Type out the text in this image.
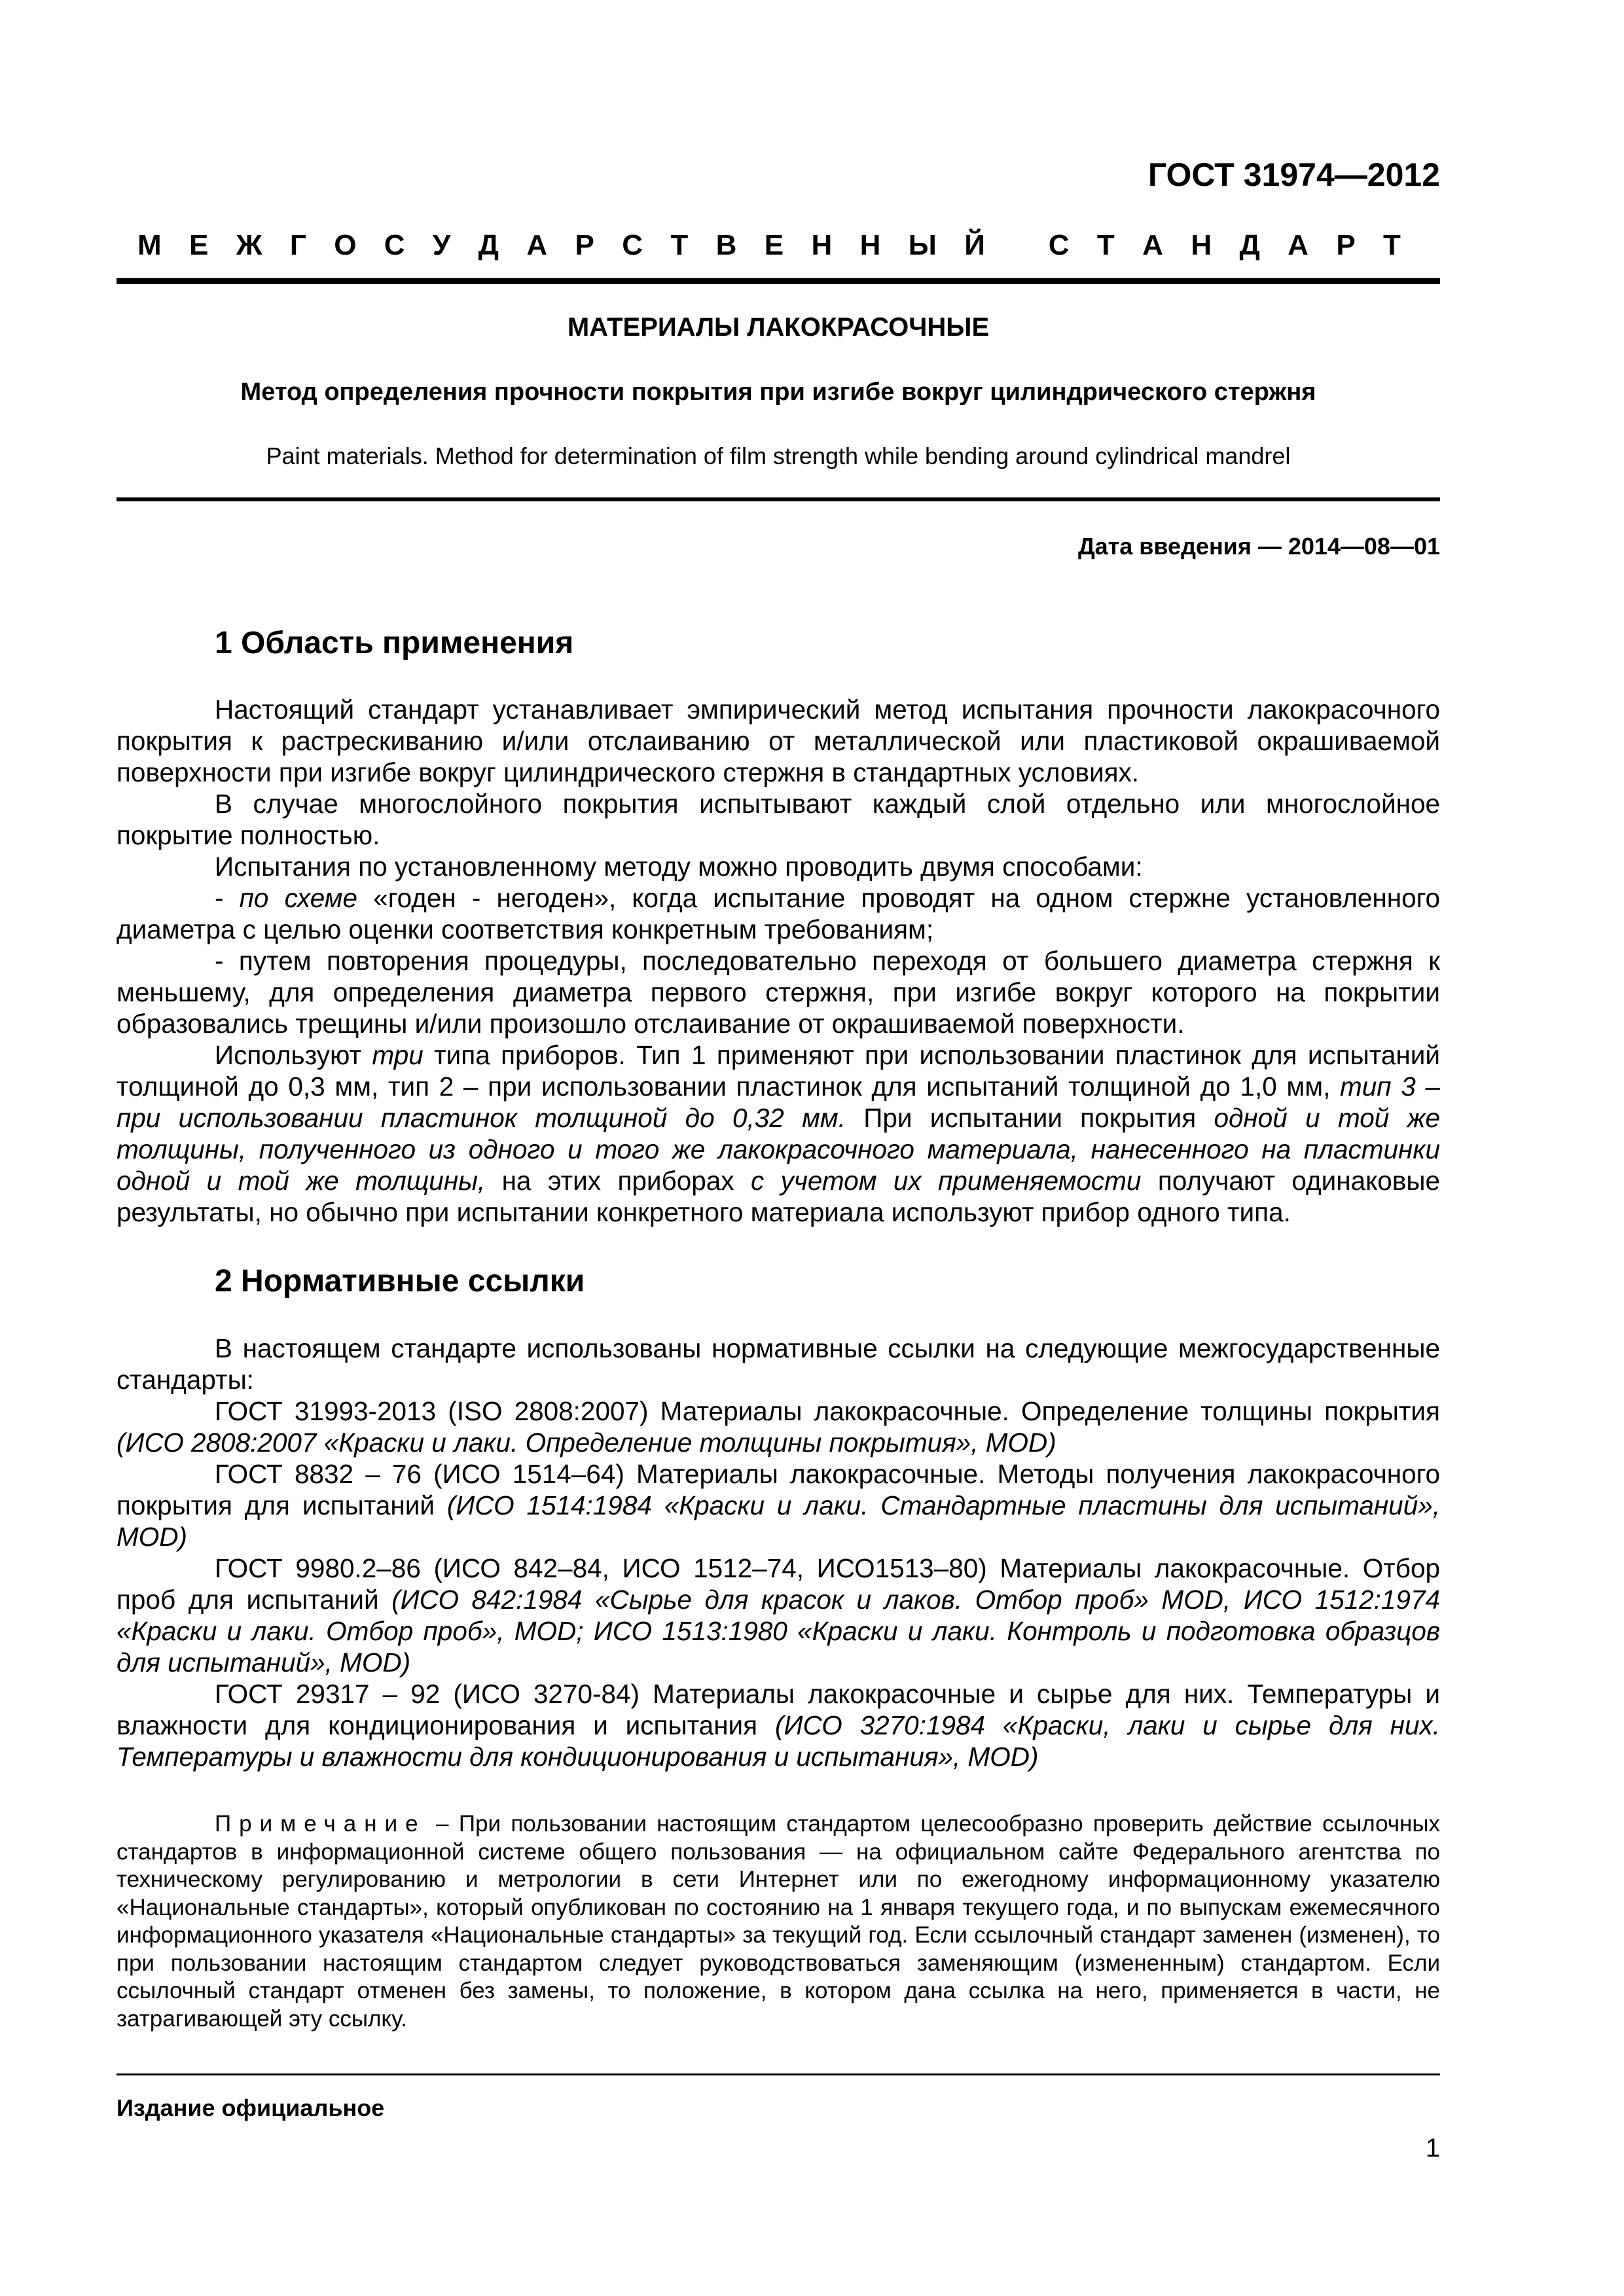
ГОСТ 31974—2012
М Е Ж Г О С У Д А Р С Т В Е Н Н Ы Й
С Т А Н Д А Р Т
МАТЕРИАЛЫ ЛАКОКРАСОЧНЫЕ
Метод определения прочности покрытия при изгибе вокруг цилиндрического стержня
Paint materials. Method for determination of film strength while bending around cylindrical mandrel
Дата введения — 2014—08—01
1 Область применения

Настоящий стандарт устанавливает эмпирический метод испытания прочности лакокрасочного покрытия к растрескиванию и/или отслаиванию от металлической или пластиковой окрашиваемой поверхности при изгибе вокруг цилиндрического стержня в стандартных условиях.

В случае многослойного покрытия испытывают каждый слой отдельно или многослойное покрытие полностью.

Испытания по установленному методу можно проводить двумя способами:

- по схеме «годен - негоден», когда испытание проводят на одном стержне установленного диаметра с целью оценки соответствия конкретным требованиям;

- путем повторения процедуры, последовательно переходя от большего диаметра стержня к меньшему, для определения диаметра первого стержня, при изгибе вокруг которого на покрытии образовались трещины и/или произошло отслаивание от окрашиваемой поверхности.

Используют три типа приборов. Тип 1 применяют при использовании пластинок для испытаний толщиной до 0,3 мм, тип 2 – при использовании пластинок для испытаний толщиной до 1,0 мм, тип 3 – при использовании пластинок толщиной до 0,32 мм. При испытании покрытия одной и той же толщины, полученного из одного и того же лакокрасочного материала, нанесенного на пластинки одной и той же толщины, на этих приборах с учетом их применяемости получают одинаковые результаты, но обычно при испытании конкретного материала используют прибор одного типа.

2 Нормативные ссылки

В настоящем стандарте использованы нормативные ссылки на следующие межгосударственные стандарты:

ГОСТ 31993-2013 (ISO 2808:2007) Материалы лакокрасочные. Определение толщины покрытия (ИСО 2808:2007 «Краски и лаки. Определение толщины покрытия», MOD)

ГОСТ 8832 – 76 (ИСО 1514–64) Материалы лакокрасочные. Методы получения лакокрасочного покрытия для испытаний (ИСО 1514:1984 «Краски и лаки. Стандартные пластины для испытаний», MOD)

ГОСТ 9980.2–86 (ИСО 842–84, ИСО 1512–74, ИСО1513–80) Материалы лакокрасочные. Отбор проб для испытаний (ИСО 842:1984 «Сырье для красок и лаков. Отбор проб» MOD, ИСО 1512:1974 «Краски и лаки. Отбор проб», MOD; ИСО 1513:1980 «Краски и лаки. Контроль и подготовка образцов для испытаний», MOD)

ГОСТ 29317 – 92 (ИСО 3270-84) Материалы лакокрасочные и сырье для них. Температуры и влажности для кондиционирования и испытания (ИСО 3270:1984 «Краски, лаки и сырье для них. Температуры и влажности для кондиционирования и испытания», MOD)

Примечание – При пользовании настоящим стандартом целесообразно проверить действие ссылочных стандартов в информационной системе общего пользования — на официальном сайте Федерального агентства по техническому регулированию и метрологии в сети Интернет или по ежегодному информационному указателю «Национальные стандарты», который опубликован по состоянию на 1 января текущего года, и по выпускам ежемесячного информационного указателя «Национальные стандарты» за текущий год. Если ссылочный стандарт заменен (изменен), то при пользовании настоящим стандартом следует руководствоваться заменяющим (измененным) стандартом. Если ссылочный стандарт отменен без замены, то положение, в котором дана ссылка на него, применяется в части, не затрагивающей эту ссылку.

Издание официальное
1
